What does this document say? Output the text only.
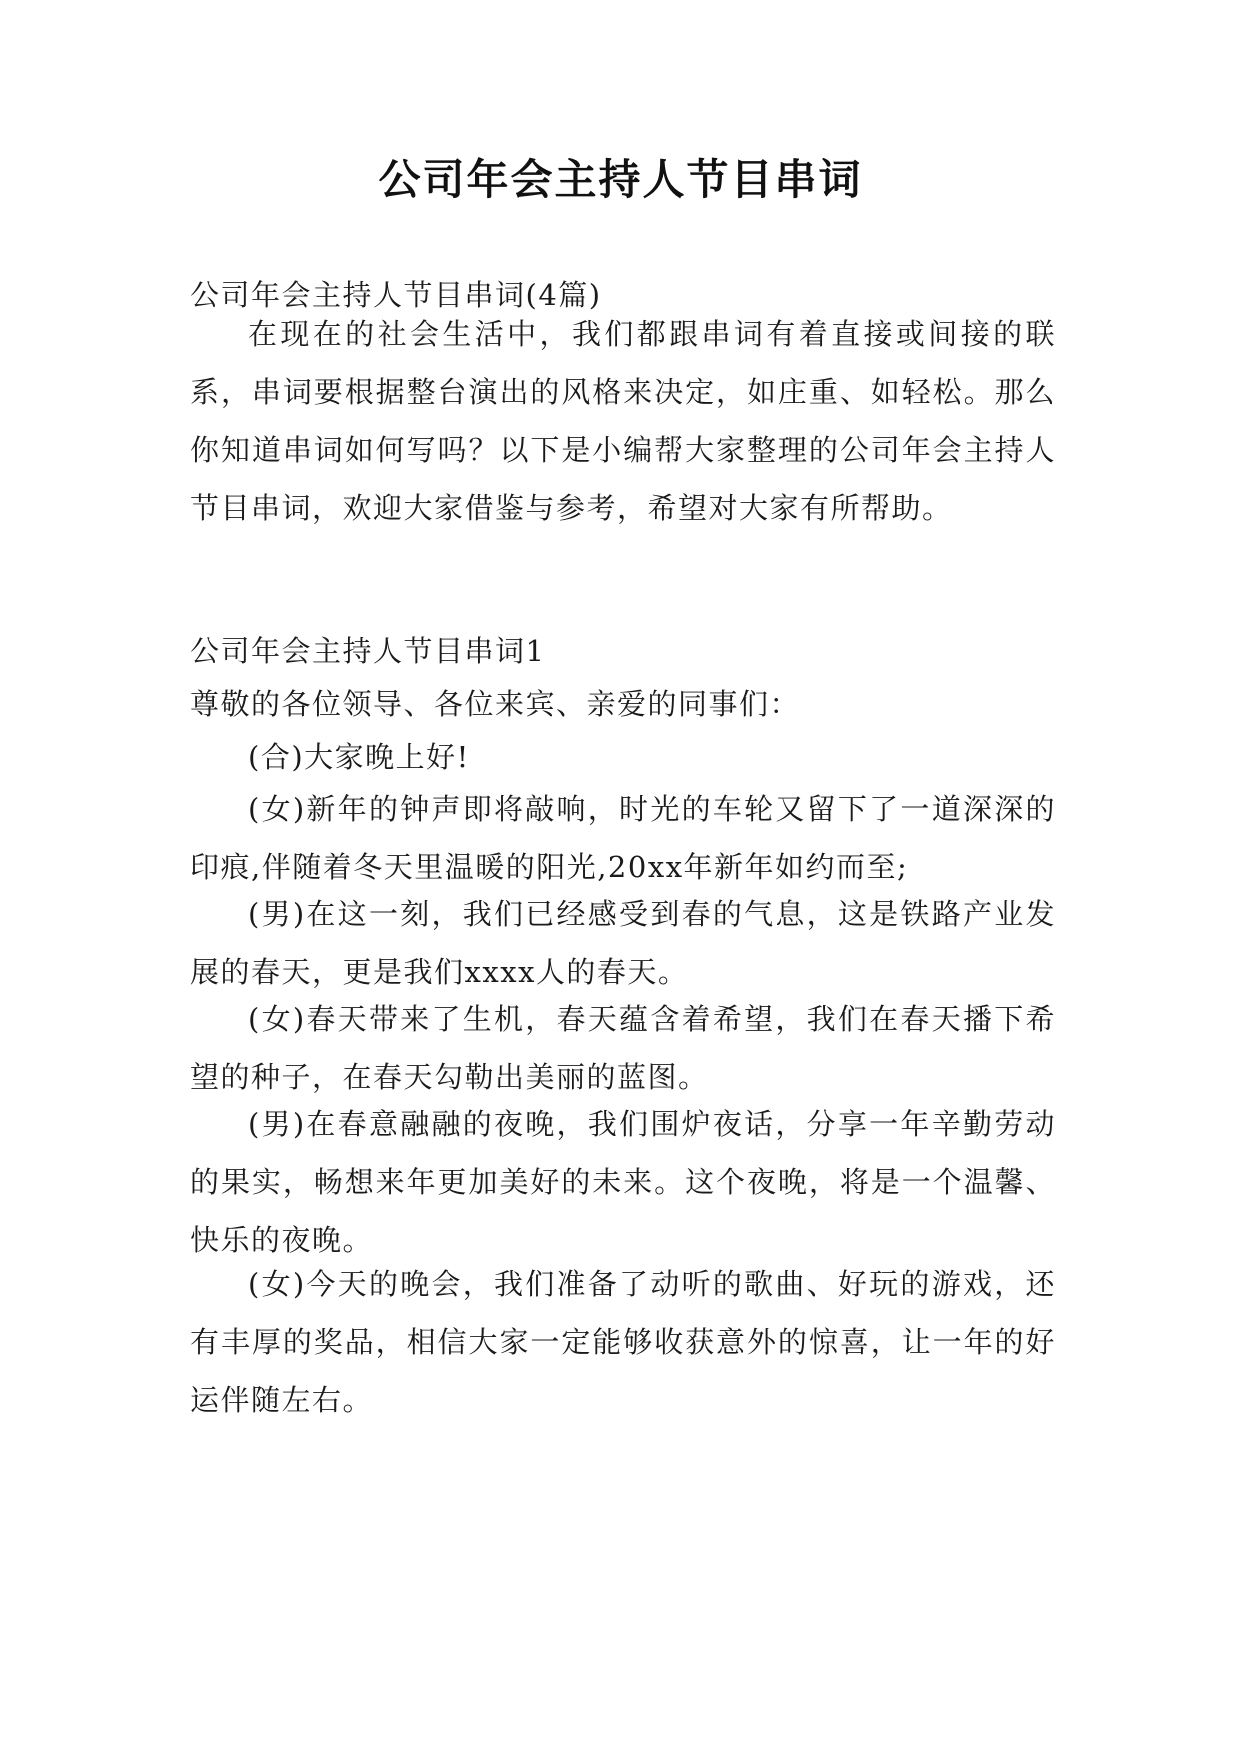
公司年会主持人节目串词

公司年会主持人节目串词(4篇)

在现在的社会生活中，我们都跟串词有着直接或间接的联系，串词要根据整台演出的风格来决定，如庄重、如轻松。那么你知道串词如何写吗？以下是小编帮大家整理的公司年会主持人节目串词，欢迎大家借鉴与参考，希望对大家有所帮助。

公司年会主持人节目串词1

尊敬的各位领导、各位来宾、亲爱的同事们：

(合)大家晚上好!

(女)新年的钟声即将敲响，时光的车轮又留下了一道深深的印痕,伴随着冬天里温暖的阳光,20xx年新年如约而至;

(男)在这一刻，我们已经感受到春的气息，这是铁路产业发展的春天，更是我们xxxx人的春天。

(女)春天带来了生机，春天蕴含着希望，我们在春天播下希望的种子，在春天勾勒出美丽的蓝图。

(男)在春意融融的夜晚，我们围炉夜话，分享一年辛勤劳动的果实，畅想来年更加美好的未来。这个夜晚，将是一个温馨、快乐的夜晚。

(女)今天的晚会，我们准备了动听的歌曲、好玩的游戏，还有丰厚的奖品，相信大家一定能够收获意外的惊喜，让一年的好运伴随左右。
